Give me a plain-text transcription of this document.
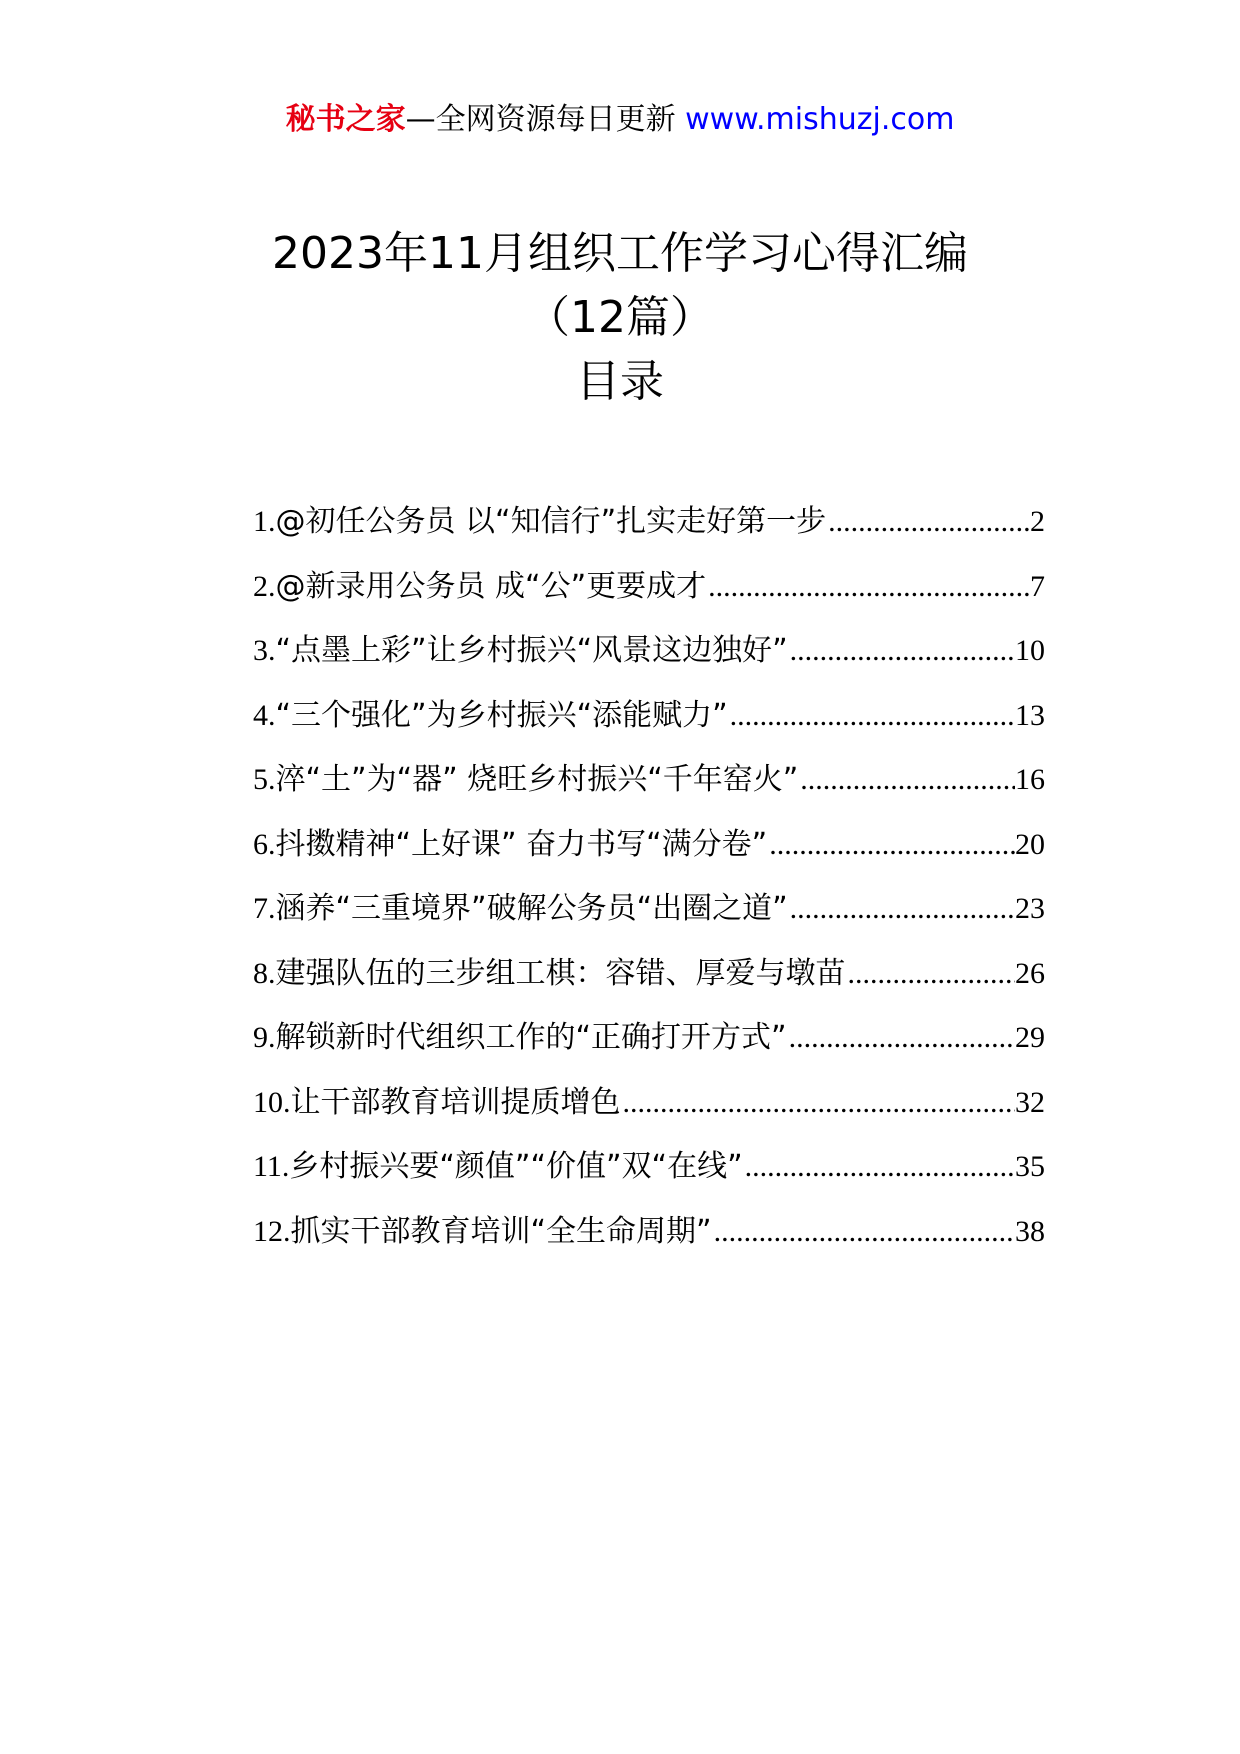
秘书之家—全网资源每日更新 www.mishuzj.com
2023年11月组织工作学习心得汇编
（12篇）
目录
1. @初任公务员 以“知信行”扎实走好第一步 .....	2
2. @新录用公务员 成“公”更要成才 .....	7
3. “点墨上彩”让乡村振兴“风景这边独好” .....	10
4. “三个强化”为乡村振兴“添能赋力” .....	13
5. 淬“土”为“器” 烧旺乡村振兴“千年窑火” .....	16
6. 抖擞精神“上好课” 奋力书写“满分卷” .....	20
7. 涵养“三重境界”破解公务员“出圈之道” .....	23
8. 建强队伍的三步组工棋：容错、厚爱与墩苗 .....	26
9. 解锁新时代组织工作的“正确打开方式” .....	29
10. 让干部教育培训提质增色 .....	32
11. 乡村振兴要“颜值”“价值”双“在线” .....	35
12. 抓实干部教育培训“全生命周期” .....	38
